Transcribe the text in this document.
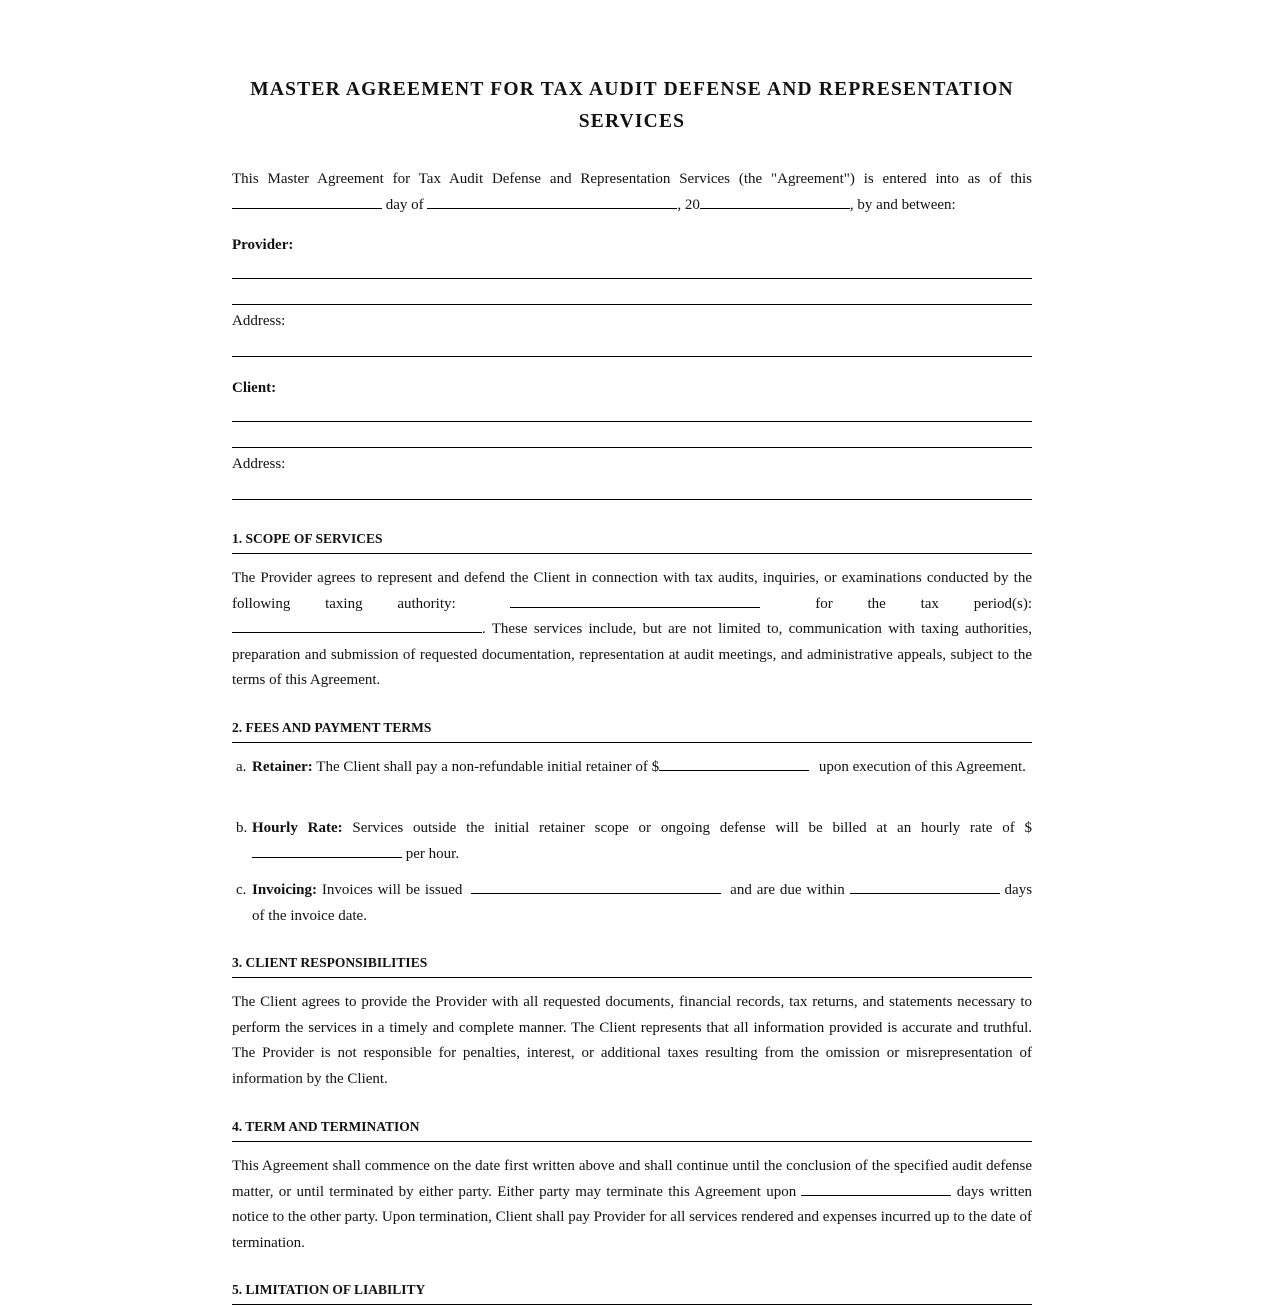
MASTER AGREEMENT FOR TAX AUDIT DEFENSE AND REPRESENTATION SERVICES

This Master Agreement for Tax Audit Defense and Representation Services (the "Agreement") is entered into as of this  day of	, 20	, by and between:

Provider:
Address:
Client:
Address:
1. SCOPE OF SERVICES

The Provider agrees to represent and defend the Client in connection with tax audits, inquiries, or examinations conducted by the following taxing authority:	for the tax period(s): . These services include, but are not limited to, communication with taxing authorities, preparation and submission of requested documentation, representation at audit meetings, and administrative appeals, subject to the terms of this Agreement.

2. FEES AND PAYMENT TERMS
a. Retainer: The Client shall pay a non-refundable initial retainer of $	upon execution of this Agreement.
b. Hourly Rate: Services outside the initial retainer scope or ongoing defense will be billed at an hourly rate of $  per hour.
c. Invoicing: Invoices will be issued	and are due within	days of the invoice date.
3. CLIENT RESPONSIBILITIES

The Client agrees to provide the Provider with all requested documents, financial records, tax returns, and statements necessary to perform the services in a timely and complete manner. The Client represents that all information provided is accurate and truthful. The Provider is not responsible for penalties, interest, or additional taxes resulting from the omission or misrepresentation of information by the Client.

4. TERM AND TERMINATION

This Agreement shall commence on the date first written above and shall continue until the conclusion of the specified audit defense matter, or until terminated by either party. Either party may terminate this Agreement upon	days written notice to the other party. Upon termination, Client shall pay Provider for all services rendered and expenses incurred up to the date of termination.

5. LIMITATION OF LIABILITY
